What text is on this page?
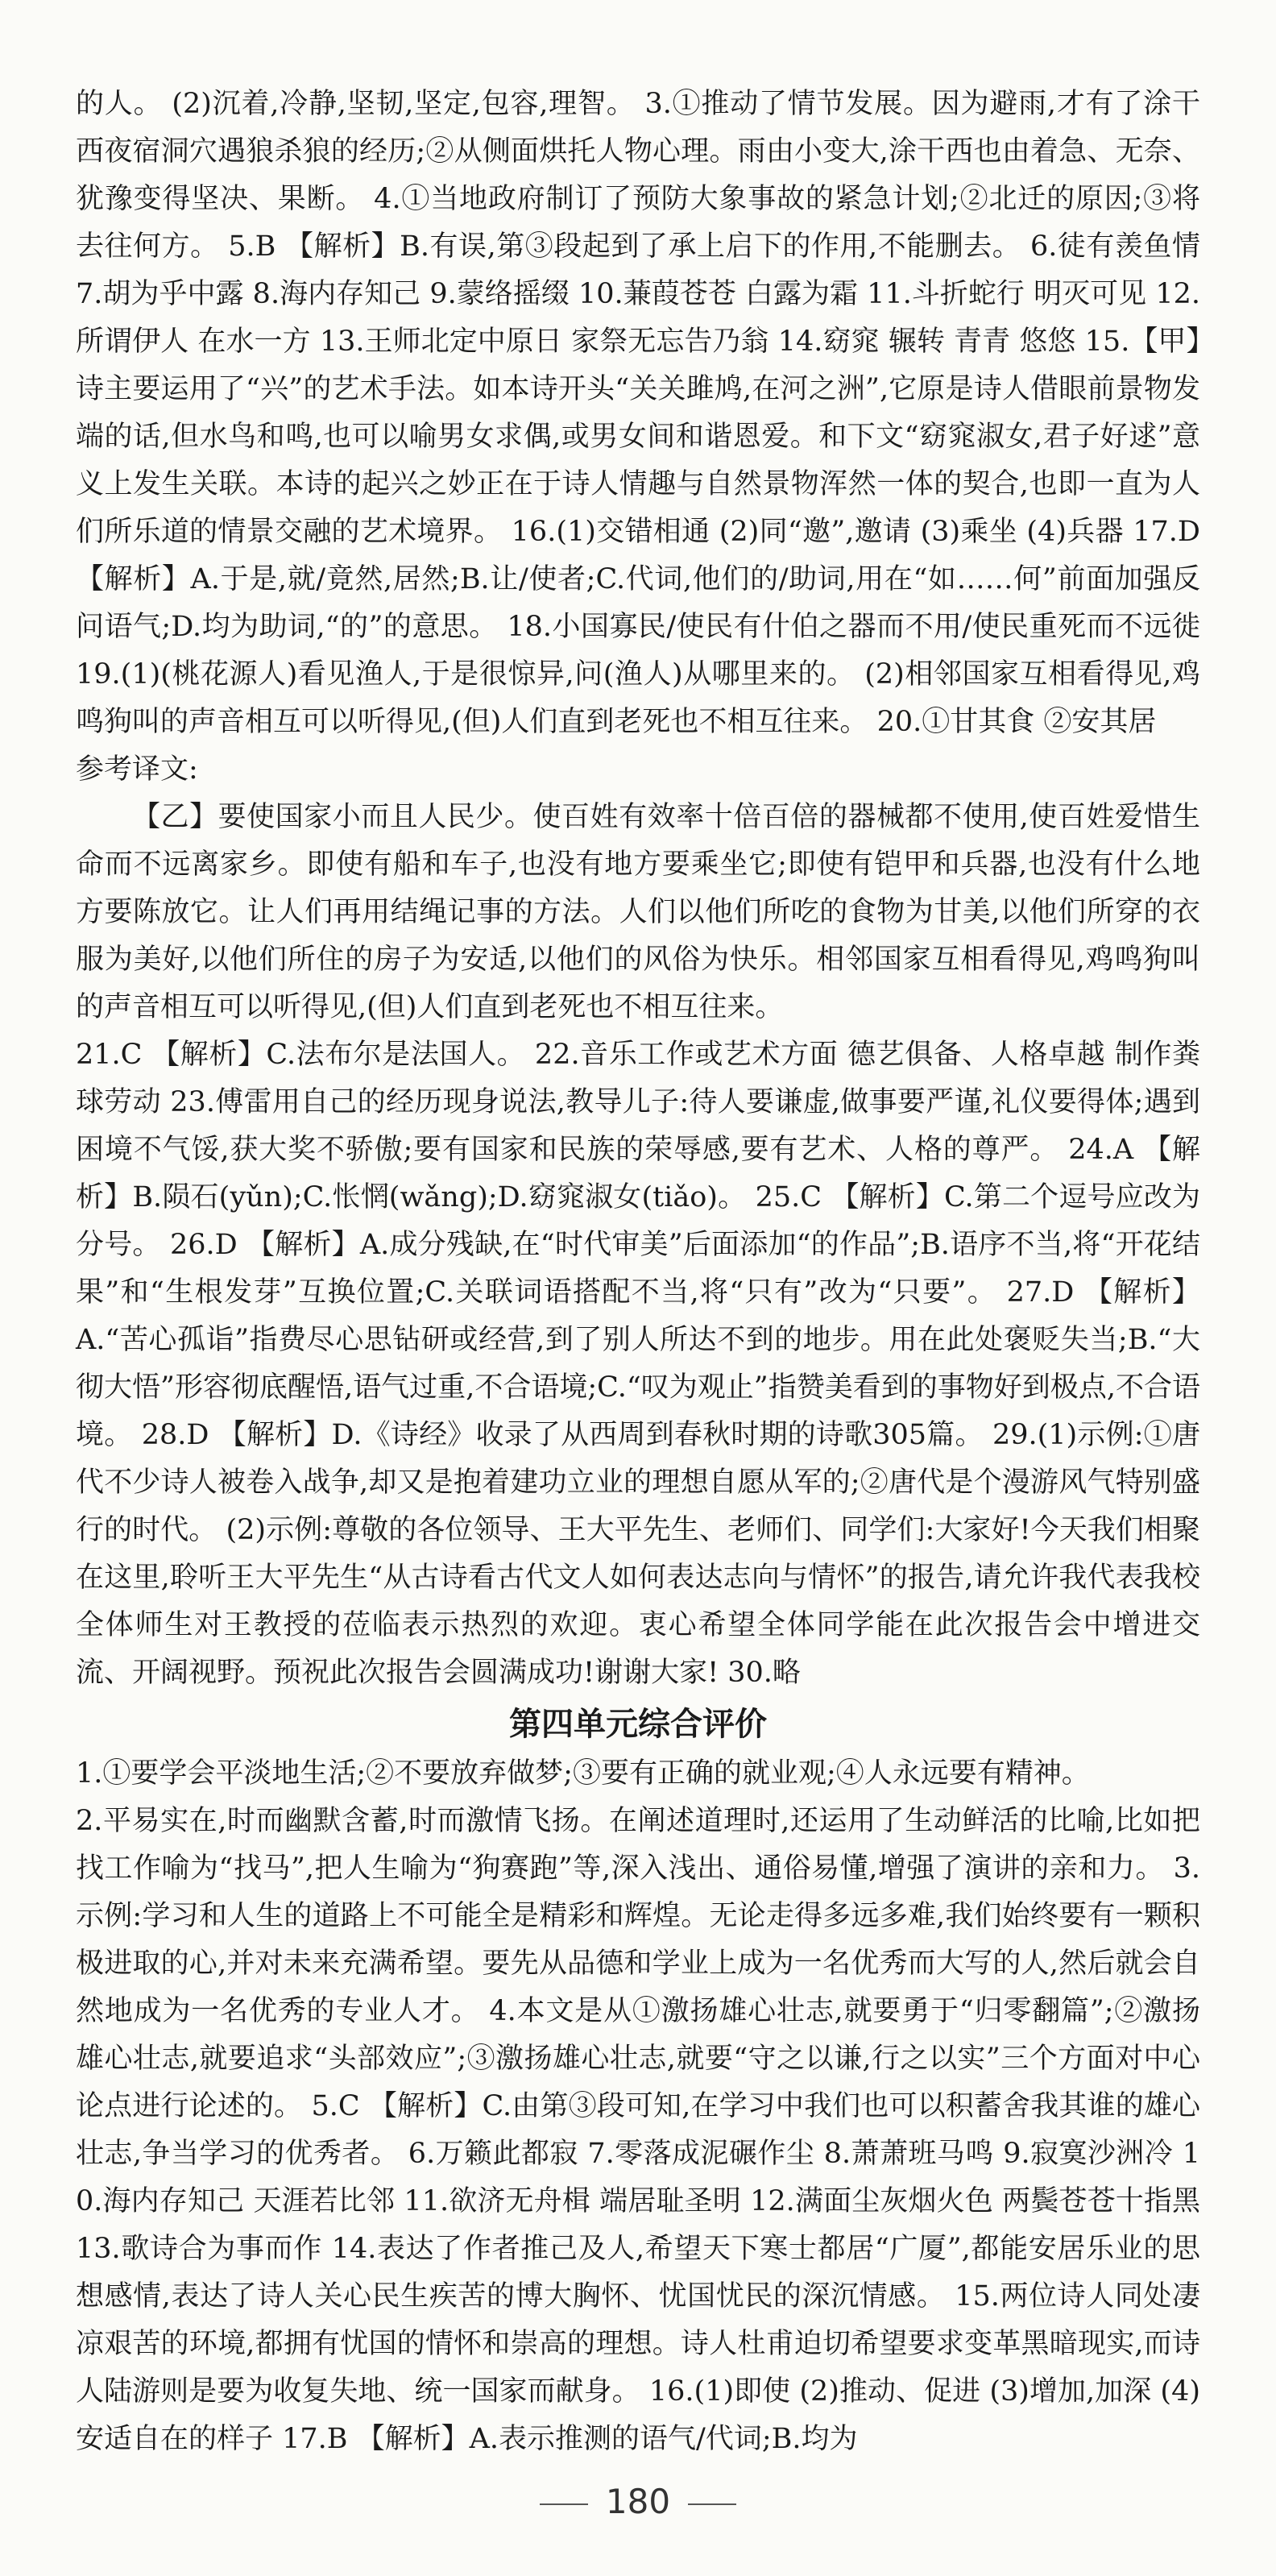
的人。 (2)沉着,冷静,坚韧,坚定,包容,理智。 3.①推动了情节发展。因为避雨,才有了涂干西夜宿洞穴遇狼杀狼的经历;②从侧面烘托人物心理。雨由小变大,涂干西也由着急、无奈、犹豫变得坚决、果断。 4.①当地政府制订了预防大象事故的紧急计划;②北迁的原因;③将去往何方。 5.B 【解析】B.有误,第③段起到了承上启下的作用,不能删去。 6.徒有羡鱼情 7.胡为乎中露 8.海内存知己 9.蒙络摇缀 10.蒹葭苍苍 白露为霜 11.斗折蛇行 明灭可见 12.所谓伊人 在水一方 13.王师北定中原日 家祭无忘告乃翁 14.窈窕 辗转 青青 悠悠 15.【甲】诗主要运用了“兴”的艺术手法。如本诗开头“关关雎鸠,在河之洲”,它原是诗人借眼前景物发端的话,但水鸟和鸣,也可以喻男女求偶,或男女间和谐恩爱。和下文“窈窕淑女,君子好逑”意义上发生关联。本诗的起兴之妙正在于诗人情趣与自然景物浑然一体的契合,也即一直为人们所乐道的情景交融的艺术境界。 16.(1)交错相通 (2)同“邀”,邀请 (3)乘坐 (4)兵器 17.D 【解析】A.于是,就/竟然,居然;B.让/使者;C.代词,他们的/助词,用在“如……何”前面加强反问语气;D.均为助词,“的”的意思。 18.小国寡民/使民有什伯之器而不用/使民重死而不远徙 19.(1)(桃花源人)看见渔人,于是很惊异,问(渔人)从哪里来的。 (2)相邻国家互相看得见,鸡鸣狗叫的声音相互可以听得见,(但)人们直到老死也不相互往来。 20.①甘其食 ②安其居

参考译文:

【乙】要使国家小而且人民少。使百姓有效率十倍百倍的器械都不使用,使百姓爱惜生命而不远离家乡。即使有船和车子,也没有地方要乘坐它;即使有铠甲和兵器,也没有什么地方要陈放它。让人们再用结绳记事的方法。人们以他们所吃的食物为甘美,以他们所穿的衣服为美好,以他们所住的房子为安适,以他们的风俗为快乐。相邻国家互相看得见,鸡鸣狗叫的声音相互可以听得见,(但)人们直到老死也不相互往来。

21.C 【解析】C.法布尔是法国人。 22.音乐工作或艺术方面 德艺俱备、人格卓越 制作粪球劳动 23.傅雷用自己的经历现身说法,教导儿子:待人要谦虚,做事要严谨,礼仪要得体;遇到困境不气馁,获大奖不骄傲;要有国家和民族的荣辱感,要有艺术、人格的尊严。 24.A 【解析】B.陨石(yǔn);C.怅惘(wǎng);D.窈窕淑女(tiǎo)。 25.C 【解析】C.第二个逗号应改为分号。 26.D 【解析】A.成分残缺,在“时代审美”后面添加“的作品”;B.语序不当,将“开花结果”和“生根发芽”互换位置;C.关联词语搭配不当,将“只有”改为“只要”。 27.D 【解析】A.“苦心孤诣”指费尽心思钻研或经营,到了别人所达不到的地步。用在此处褒贬失当;B.“大彻大悟”形容彻底醒悟,语气过重,不合语境;C.“叹为观止”指赞美看到的事物好到极点,不合语境。 28.D 【解析】D.《诗经》收录了从西周到春秋时期的诗歌305篇。 29.(1)示例:①唐代不少诗人被卷入战争,却又是抱着建功立业的理想自愿从军的;②唐代是个漫游风气特别盛行的时代。 (2)示例:尊敬的各位领导、王大平先生、老师们、同学们:大家好!今天我们相聚在这里,聆听王大平先生“从古诗看古代文人如何表达志向与情怀”的报告,请允许我代表我校全体师生对王教授的莅临表示热烈的欢迎。衷心希望全体同学能在此次报告会中增进交流、开阔视野。预祝此次报告会圆满成功!谢谢大家! 30.略

第四单元综合评价

1.①要学会平淡地生活;②不要放弃做梦;③要有正确的就业观;④人永远要有精神。

2.平易实在,时而幽默含蓄,时而激情飞扬。在阐述道理时,还运用了生动鲜活的比喻,比如把找工作喻为“找马”,把人生喻为“狗赛跑”等,深入浅出、通俗易懂,增强了演讲的亲和力。 3.示例:学习和人生的道路上不可能全是精彩和辉煌。无论走得多远多难,我们始终要有一颗积极进取的心,并对未来充满希望。要先从品德和学业上成为一名优秀而大写的人,然后就会自然地成为一名优秀的专业人才。 4.本文是从①激扬雄心壮志,就要勇于“归零翻篇”;②激扬雄心壮志,就要追求“头部效应”;③激扬雄心壮志,就要“守之以谦,行之以实”三个方面对中心论点进行论述的。 5.C 【解析】C.由第③段可知,在学习中我们也可以积蓄舍我其谁的雄心壮志,争当学习的优秀者。 6.万籁此都寂 7.零落成泥碾作尘 8.萧萧班马鸣 9.寂寞沙洲冷 10.海内存知己 天涯若比邻 11.欲济无舟楫 端居耻圣明 12.满面尘灰烟火色 两鬓苍苍十指黑 13.歌诗合为事而作 14.表达了作者推己及人,希望天下寒士都居“广厦”,都能安居乐业的思想感情,表达了诗人关心民生疾苦的博大胸怀、忧国忧民的深沉情感。 15.两位诗人同处凄凉艰苦的环境,都拥有忧国的情怀和崇高的理想。诗人杜甫迫切希望要求变革黑暗现实,而诗人陆游则是要为收复失地、统一国家而献身。 16.(1)即使 (2)推动、促进 (3)增加,加深 (4)安适自在的样子 17.B 【解析】A.表示推测的语气/代词;B.均为

180
